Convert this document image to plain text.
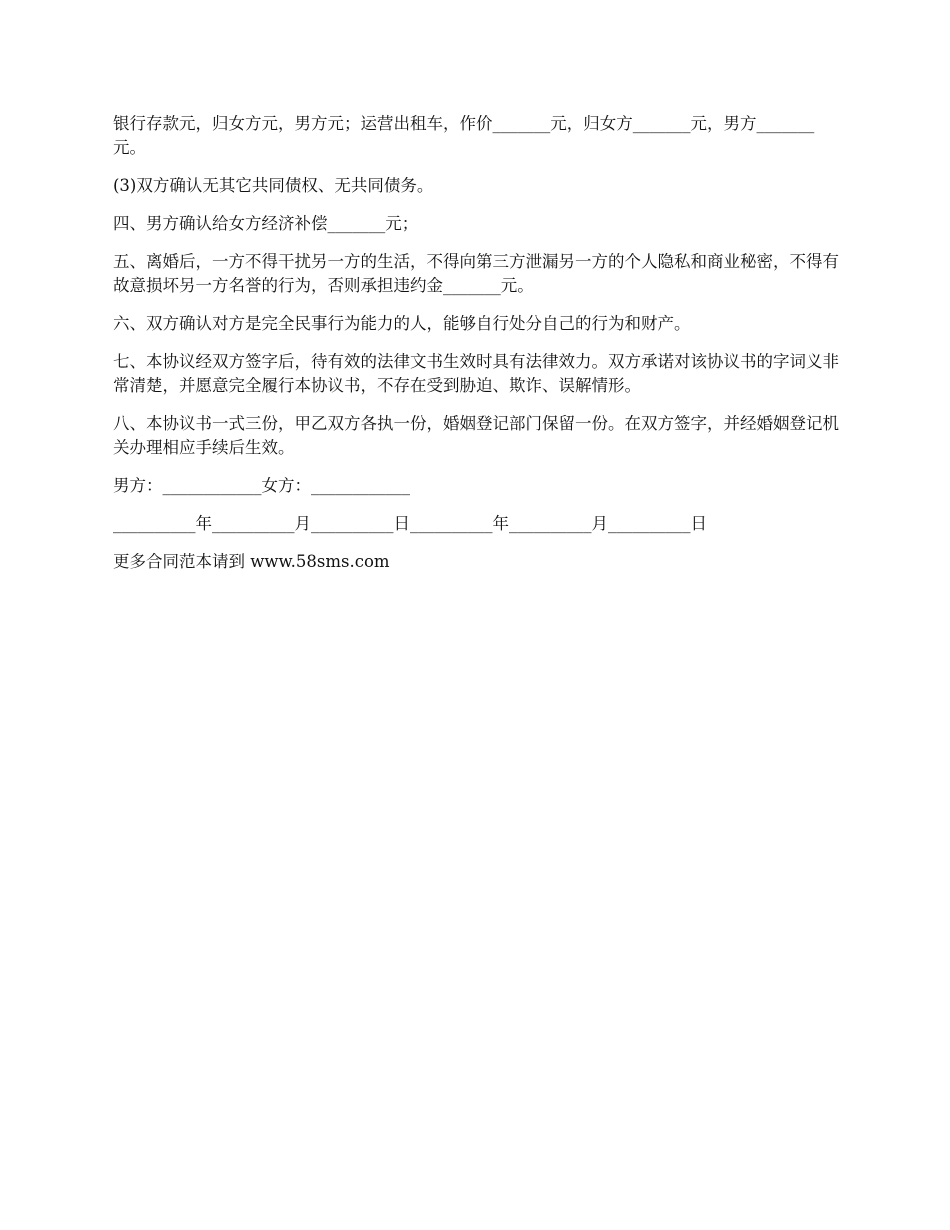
银行存款元，归女方元，男方元；运营出租车，作价_______元，归女方_______元，男方_______元。

(3)双方确认无其它共同债权、无共同债务。

四、男方确认给女方经济补偿_______元；

五、离婚后，一方不得干扰另一方的生活，不得向第三方泄漏另一方的个人隐私和商业秘密，不得有故意损坏另一方名誉的行为，否则承担违约金_______元。

六、双方确认对方是完全民事行为能力的人，能够自行处分自己的行为和财产。

七、本协议经双方签字后，待有效的法律文书生效时具有法律效力。双方承诺对该协议书的字词义非常清楚，并愿意完全履行本协议书，不存在受到胁迫、欺诈、误解情形。

八、本协议书一式三份，甲乙双方各执一份，婚姻登记部门保留一份。在双方签字，并经婚姻登记机关办理相应手续后生效。

男方：____________女方：____________

__________年__________月__________日__________年__________月__________日

更多合同范本请到 www.58sms.com
